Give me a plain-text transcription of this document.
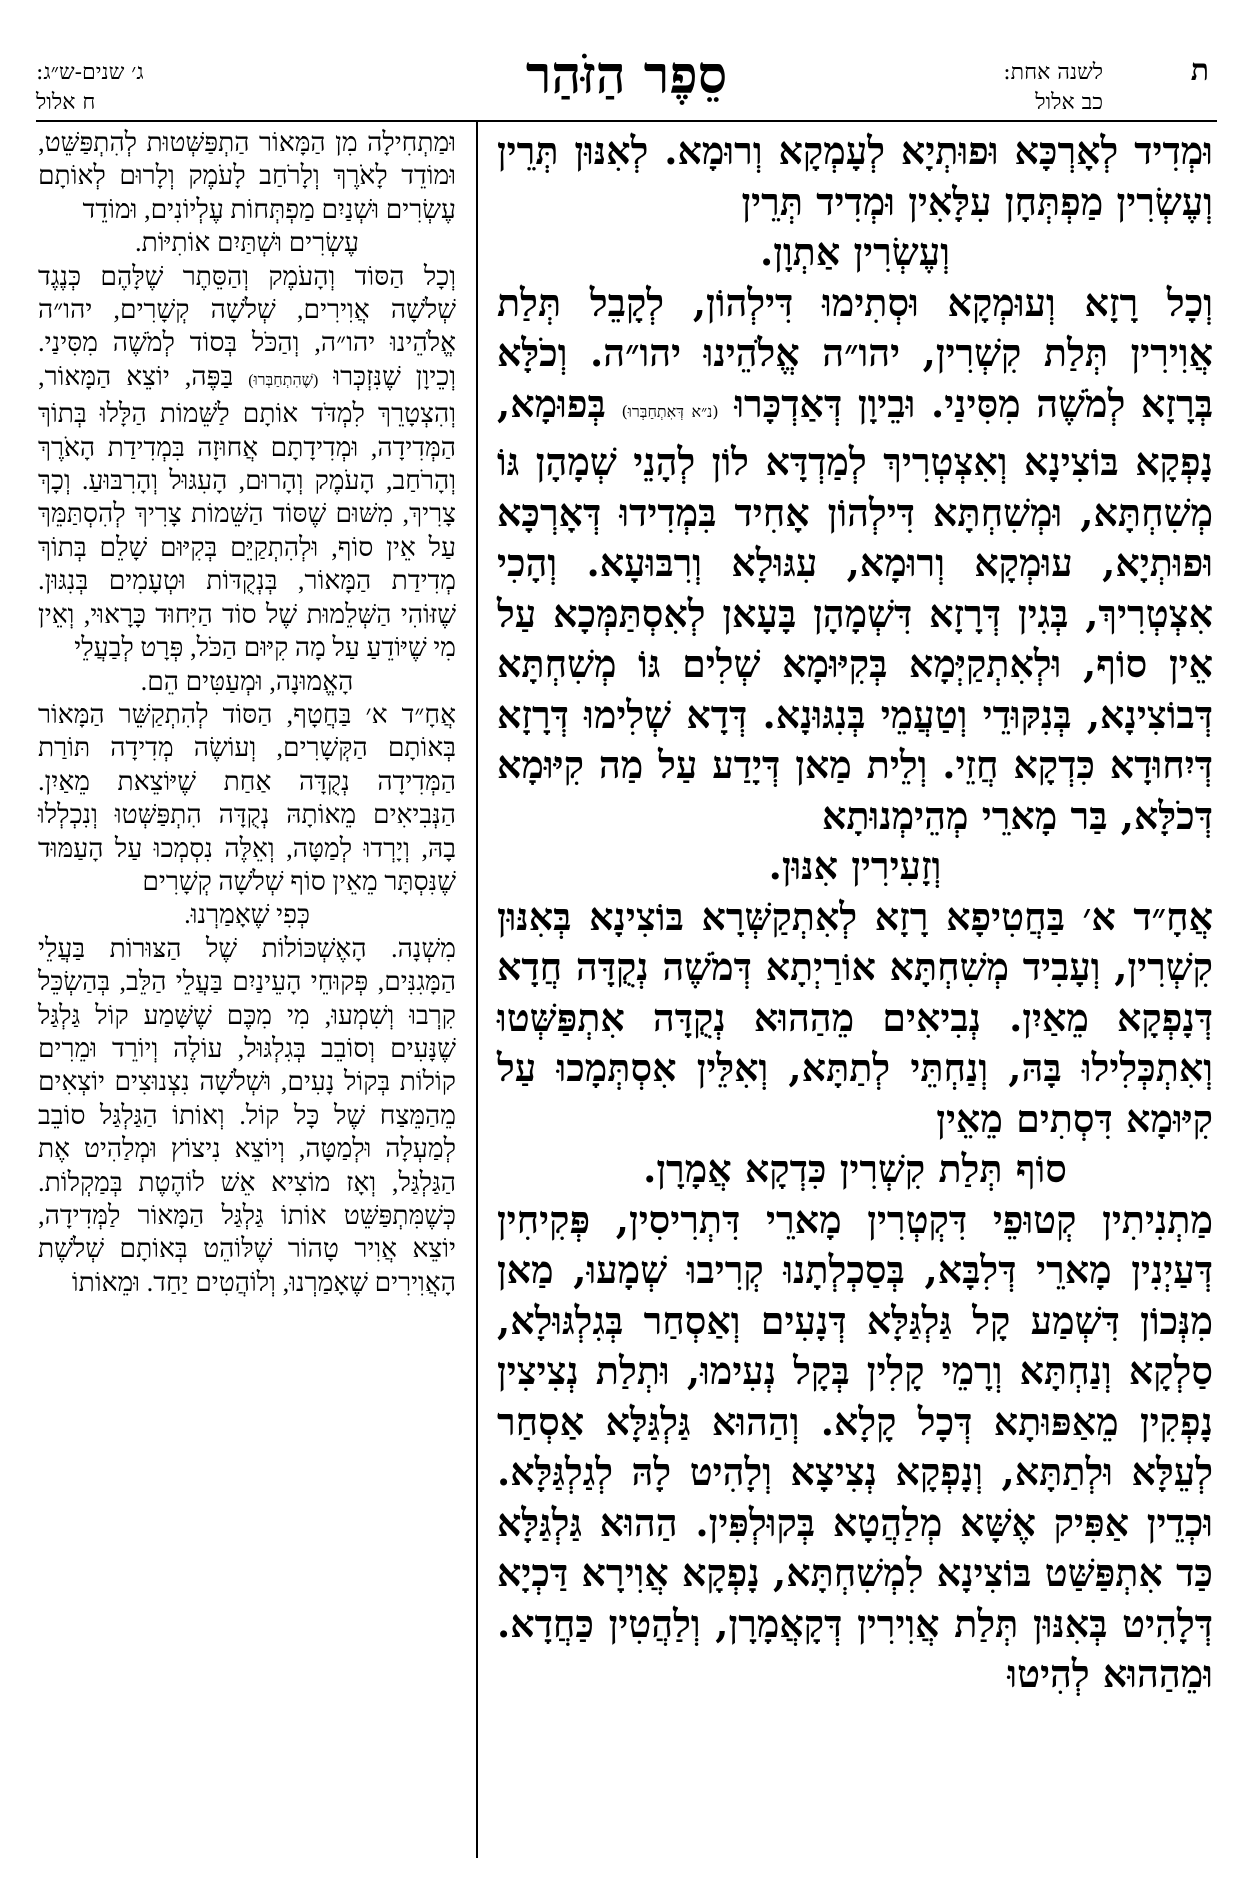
ת
לשנה אחת:
כב אלול
סֵפֶר הַזֹּהַר
ג׳ שנים-ש״ג:
ח אלול

וּמְדִיד לְאָרְכָּא וּפוּתְיָא לְעָמְקָא וְרוּמָא. לְאִנּוּן תְּרֵין וְעֶשְׂרִין מַפְתְּחָן עִלָּאִין וּמְדִיד תְּרֵין

וְעֶשְׂרִין אַתְוָן.

וְכָל רָזָא וְעוּמְקָא וּסְתִימוּ דִּילְהוֹן, לְקָבֵל תְּלַת אֲוִירִין תְּלַת קִשְׁרִין, יהו״ה אֱלֹהֵינוּ יהו״ה. וְכֹלָּא בְּרָזָא לְמֹשֶׁה מִסִּינַי. וּבֵיוָן דְּאַדְכָּרוּ (נ״א דְּאִתְחַבְּרוּ) בְּפוּמָא, נָפְקָא בּוֹצִינָא וְאִצְטְרִיךְ לְמַדְדָּא לוֹן לְהָנֵי שְׁמָהָן גּוֹ מְשִׁחְתָּא, וּמְשִׁחְתָּא דִּילְהוֹן אָחִיד בִּמְדִידוּ דְּאָרְכָּא וּפוּתְיָא, עוּמְקָא וְרוּמָא, עִגּוּלָא וְרִבּוּעָא. וְהָכִי אִצְטְרִיךְ, בְּגִין דְּרָזָא דִּשְׁמָהָן בָּעָאן לְאִסְתַּמְּכָא עַל אֵין סוֹף, וּלְאִתְקַיְּמָא בְּקִיּוּמָא שְׁלִים גּוֹ מְשִׁחְתָּא דְּבוֹצִינָא, בְּנִקּוּדֵי וְטַעֲמֵי בְּנִגּוּנָא. דְּדָא שְׁלִימוּ דְּרָזָא דְּיִחוּדָא כִּדְקָא חֲזֵי. וְלֵית מַאן דְּיָדַע עַל מַה קִיּוּמָא דְּכֹלָּא, בַּר מָארֵי מְהֵימְנוּתָא

וְזָעִירִין אִנּוּן.

אֲחָ״ד א׳ בַּחֲטִיפָא רָזָא לְאִתְקַשְּׁרָא בּוֹצִינָא בְּאִנּוּן קִשְׁרִין, וְעָבִיד מְשִׁחְתָּא אוֹרַיְתָא דְּמֹשֶׁה נְקֻדָּה חֲדָא דְּנָפְקָא מֵאַיִן. נְבִיאִים מֵהַהוּא נְקֻדָּה אִתְפַּשְּׁטוּ וְאִתְכְּלִילוּ בָּהּ, וְנַחְתֵּי לְתַתָּא, וְאִלֵּין אִסְתְּמָכוּ עַל קִיּוּמָא דִּסְתִים מֵאֵין

סוֹף תְּלַת קִשְׁרִין כִּדְקָא אֲמָרָן.

מַתְנִיתִין קְטוּפֵי דִּקְטְרִין מָארֵי דִּתְרִיסִין, פְּקִיחִין דְּעַיְנִין מָארֵי דְּלִבָּא, בְּסַכְלְתָנוּ קְרִיבוּ שְׁמָעוּ, מַאן מִנְּכוֹן דִּשְׁמַע קָל גַּלְגַּלָּא דְּנָעִים וְאַסְחַר בְּגִלְגּוּלָא, סַלְקָא וְנַחְתָּא וְרָמֵי קָלִין בְּקָל נְעִימוּ, וּתְלַת נְצִיצִין נָפְקִין מֵאַפּוּתָא דְּכָל קָלָא. וְהַהוּא גַּלְגַּלָּא אַסְחַר לְעֵלָּא וּלְתַתָּא, וְנָפְקָא נְצִיצָא וְלָהִיט לָהּ לְגַלְגַּלָּא. וּכְדֵין אַפִּיק אֶשָּׁא מְלַהֲטָא בְּקוּלְפִּין. הַהוּא גַּלְגַּלָּא כַּד אִתְפַּשַּׁט בּוֹצִינָא לִמְשִׁחְתָּא, נָפְקָא אֲוִירָא דַּכְיָא דְּלָהִיט בְּאִנּוּן תְּלַת אֲוִירִין דְּקָאֲמָרָן, וְלַהֲטִין כַּחֲדָא. וּמֵהַהוּא לְהִיטוּ

וּמַתְחִילָה מִן הַמָּאוֹר הַתְפַּשְּׁטוּת לְהִתְפַּשֵּׁט, וּמוֹדֵד לָאֹרֶךְ וְלָרֹחַב לָעֹמֶק וְלָרוּם לְאוֹתָם עֶשְׂרִים וּשְׁנַיִם מַפְתְּחוֹת עֶלְיוֹנִים, וּמוֹדֵד

עֶשְׂרִים וּשְׁתַּיִם אוֹתִיּוֹת.

וְכָל הַסּוֹד וְהָעֹמֶק וְהַסֵּתֶר שֶׁלָּהֶם כְּנֶגֶד שְׁלֹשָׁה אֲוִירִים, שְׁלֹשָׁה קְשָׁרִים, יהו״ה אֱלֹהֵינוּ יהו״ה, וְהַכֹּל בְּסוֹד לְמֹשֶׁה מִסִּינַי. וְכֵיוָן שֶׁנִּזְכְּרוּ (שֶׁהִתְחַבְּרוּ) בַּפֶּה, יוֹצֵא הַמָּאוֹר, וְהִצְטָרֵךְ לִמְדֹּד אוֹתָם לַשֵּׁמוֹת הַלָּלוּ בְּתוֹךְ הַמְּדִידָה, וּמְדִידָתָם אֲחוּזָה בִּמְדִידַת הָאֹרֶךְ וְהָרֹחַב, הָעֹמֶק וְהָרוּם, הָעִגּוּל וְהָרִבּוּעַ. וְכָךְ צָרִיךְ, מִשּׁוּם שֶׁסּוֹד הַשֵּׁמוֹת צָרִיךְ לְהִסְתַּמֵּךְ עַל אֵין סוֹף, וּלְהִתְקַיֵּם בְּקִיּוּם שָׁלֵם בְּתוֹךְ מְדִידַת הַמָּאוֹר, בְּנְקֻדּוֹת וּטְעָמִים בְּנִגּוּן. שֶׁזּוֹהִי הַשְּׁלֵמוּת שֶׁל סוֹד הַיִּחוּד כָּרָאוּי, וְאֵין מִי שֶׁיּוֹדֵעַ עַל מָה קִיּוּם הַכֹּל, פְּרָט לְבַעֲלֵי

הָאֱמוּנָה, וּמְעַטִּים הֵם.

אֲחָ״ד א׳ בַּחֲטָף, הַסּוֹד לְהִתְקַשֵּׁר הַמָּאוֹר בְּאוֹתָם הַקְּשָׁרִים, וְעוֹשֶׂה מְדִידָה תּוֹרַת הַמְּדִידָה נְקֻדָּה אַחַת שֶׁיּוֹצֵאת מֵאַיִן. הַנְּבִיאִים מֵאוֹתָהּ נְקֻדָּה הִתְפַּשְּׁטוּ וְנִכְלְלוּ בָהּ, וְיָרְדוּ לְמַטָּה, וְאֵלֶּה נִסְמְכוּ עַל הָעַמּוּד שֶׁנִּסְתָּר מֵאֵין סוֹף שְׁלֹשָׁה קְשָׁרִים

כְּפִי שֶׁאָמַרְנוּ.

מִשְׁנָה. הָאֶשְׁכּוֹלוֹת שֶׁל הַצּוּרוֹת בַּעֲלֵי הַמָּגִנִּים, פְּקוּחֵי הָעֵינַיִם בַּעֲלֵי הַלֵּב, בְּהַשְׂכֵּל קִרְבוּ וְשִׁמְעוּ, מִי מִכֶּם שֶׁשָּׁמַע קוֹל גַּלְגַּל שֶׁנָּעִים וְסוֹבֵב בְּגִלְגּוּל, עוֹלֶה וְיוֹרֵד וּמֵרִים קוֹלוֹת בְּקוֹל נָעִים, וּשְׁלֹשָׁה נִצְנוּצִים יוֹצְאִים מֵהַמֵּצַח שֶׁל כָּל קוֹל. וְאוֹתוֹ הַגַּלְגַּל סוֹבֵב לְמַעְלָה וּלְמַטָּה, וְיוֹצֵא נִיצוֹץ וּמְלַהִיט אֶת הַגַּלְגַּל, וְאָז מוֹצִיא אֵשׁ לוֹהֶטֶת בְּמַקְלוֹת. כְּשֶׁמִּתְפַּשֵּׁט אוֹתוֹ גַּלְגַּל הַמָּאוֹר לַמְּדִידָה, יוֹצֵא אֲוִיר טָהוֹר שֶׁלּוֹהֵט בְּאוֹתָם שְׁלֹשֶׁת הָאֲוִירִים שֶׁאָמַרְנוּ, וְלוֹהֲטִים יַחַד. וּמֵאוֹתוֹ
